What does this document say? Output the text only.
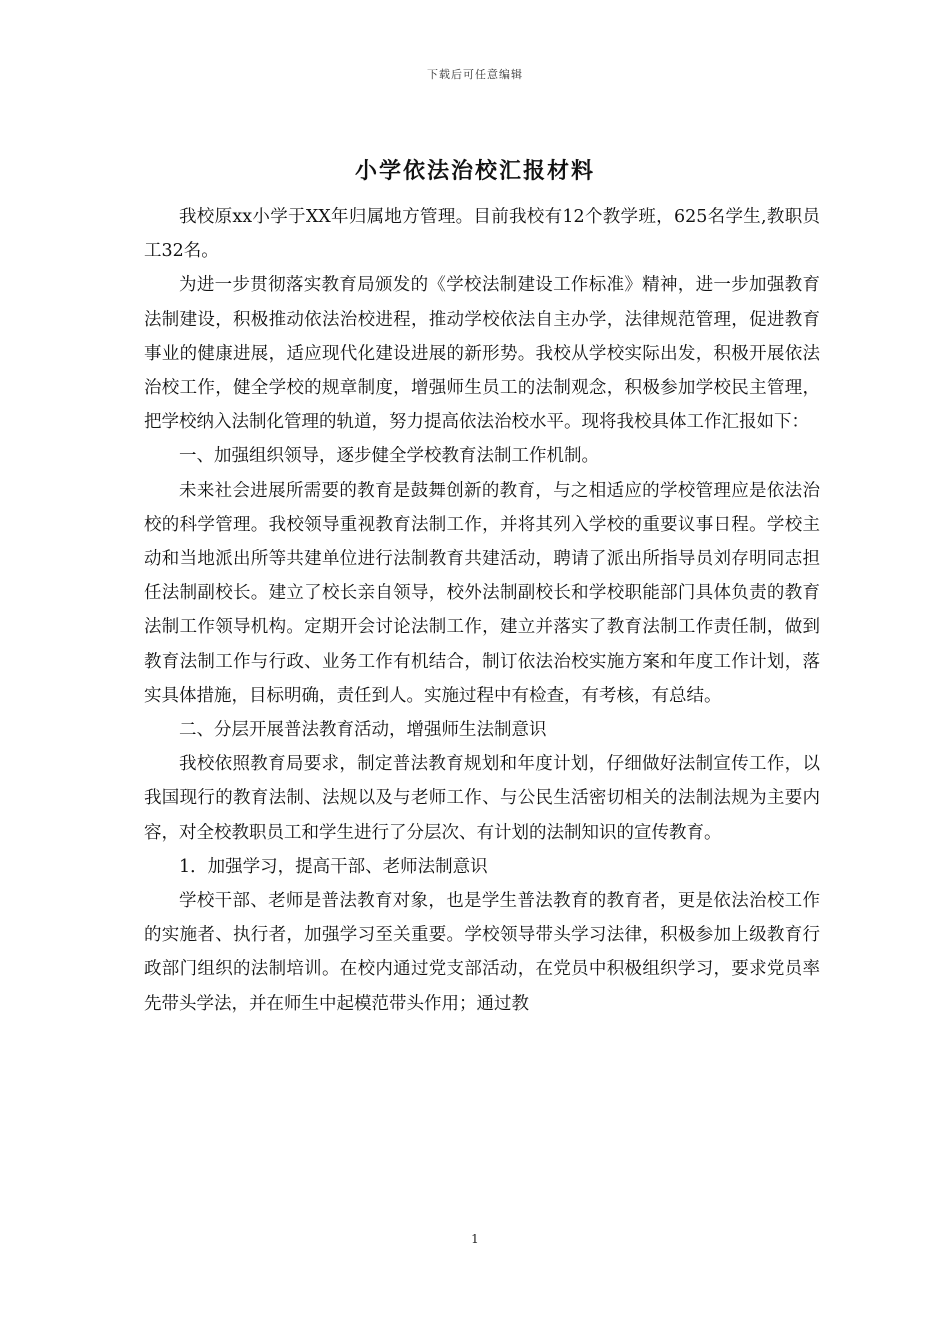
下载后可任意编辑
小学依法治校汇报材料

我校原xx小学于XX年归属地方管理。目前我校有12个教学班，625名学生,教职员工32名。

为进一步贯彻落实教育局颁发的《学校法制建设工作标准》精神，进一步加强教育法制建设，积极推动依法治校进程，推动学校依法自主办学，法律规范管理，促进教育事业的健康进展，适应现代化建设进展的新形势。我校从学校实际出发，积极开展依法治校工作，健全学校的规章制度，增强师生员工的法制观念，积极参加学校民主管理，把学校纳入法制化管理的轨道，努力提高依法治校水平。现将我校具体工作汇报如下：

一、加强组织领导，逐步健全学校教育法制工作机制。

未来社会进展所需要的教育是鼓舞创新的教育，与之相适应的学校管理应是依法治校的科学管理。我校领导重视教育法制工作，并将其列入学校的重要议事日程。学校主动和当地派出所等共建单位进行法制教育共建活动，聘请了派出所指导员刘存明同志担任法制副校长。建立了校长亲自领导，校外法制副校长和学校职能部门具体负责的教育法制工作领导机构。定期开会讨论法制工作，建立并落实了教育法制工作责任制，做到教育法制工作与行政、业务工作有机结合，制订依法治校实施方案和年度工作计划，落实具体措施，目标明确，责任到人。实施过程中有检查，有考核，有总结。

二、分层开展普法教育活动，增强师生法制意识

我校依照教育局要求，制定普法教育规划和年度计划，仔细做好法制宣传工作，以我国现行的教育法制、法规以及与老师工作、与公民生活密切相关的法制法规为主要内容，对全校教职员工和学生进行了分层次、有计划的法制知识的宣传教育。

1．加强学习，提高干部、老师法制意识

学校干部、老师是普法教育对象，也是学生普法教育的教育者，更是依法治校工作的实施者、执行者，加强学习至关重要。学校领导带头学习法律，积极参加上级教育行政部门组织的法制培训。在校内通过党支部活动，在党员中积极组织学习，要求党员率先带头学法，并在师生中起模范带头作用；通过教

1
